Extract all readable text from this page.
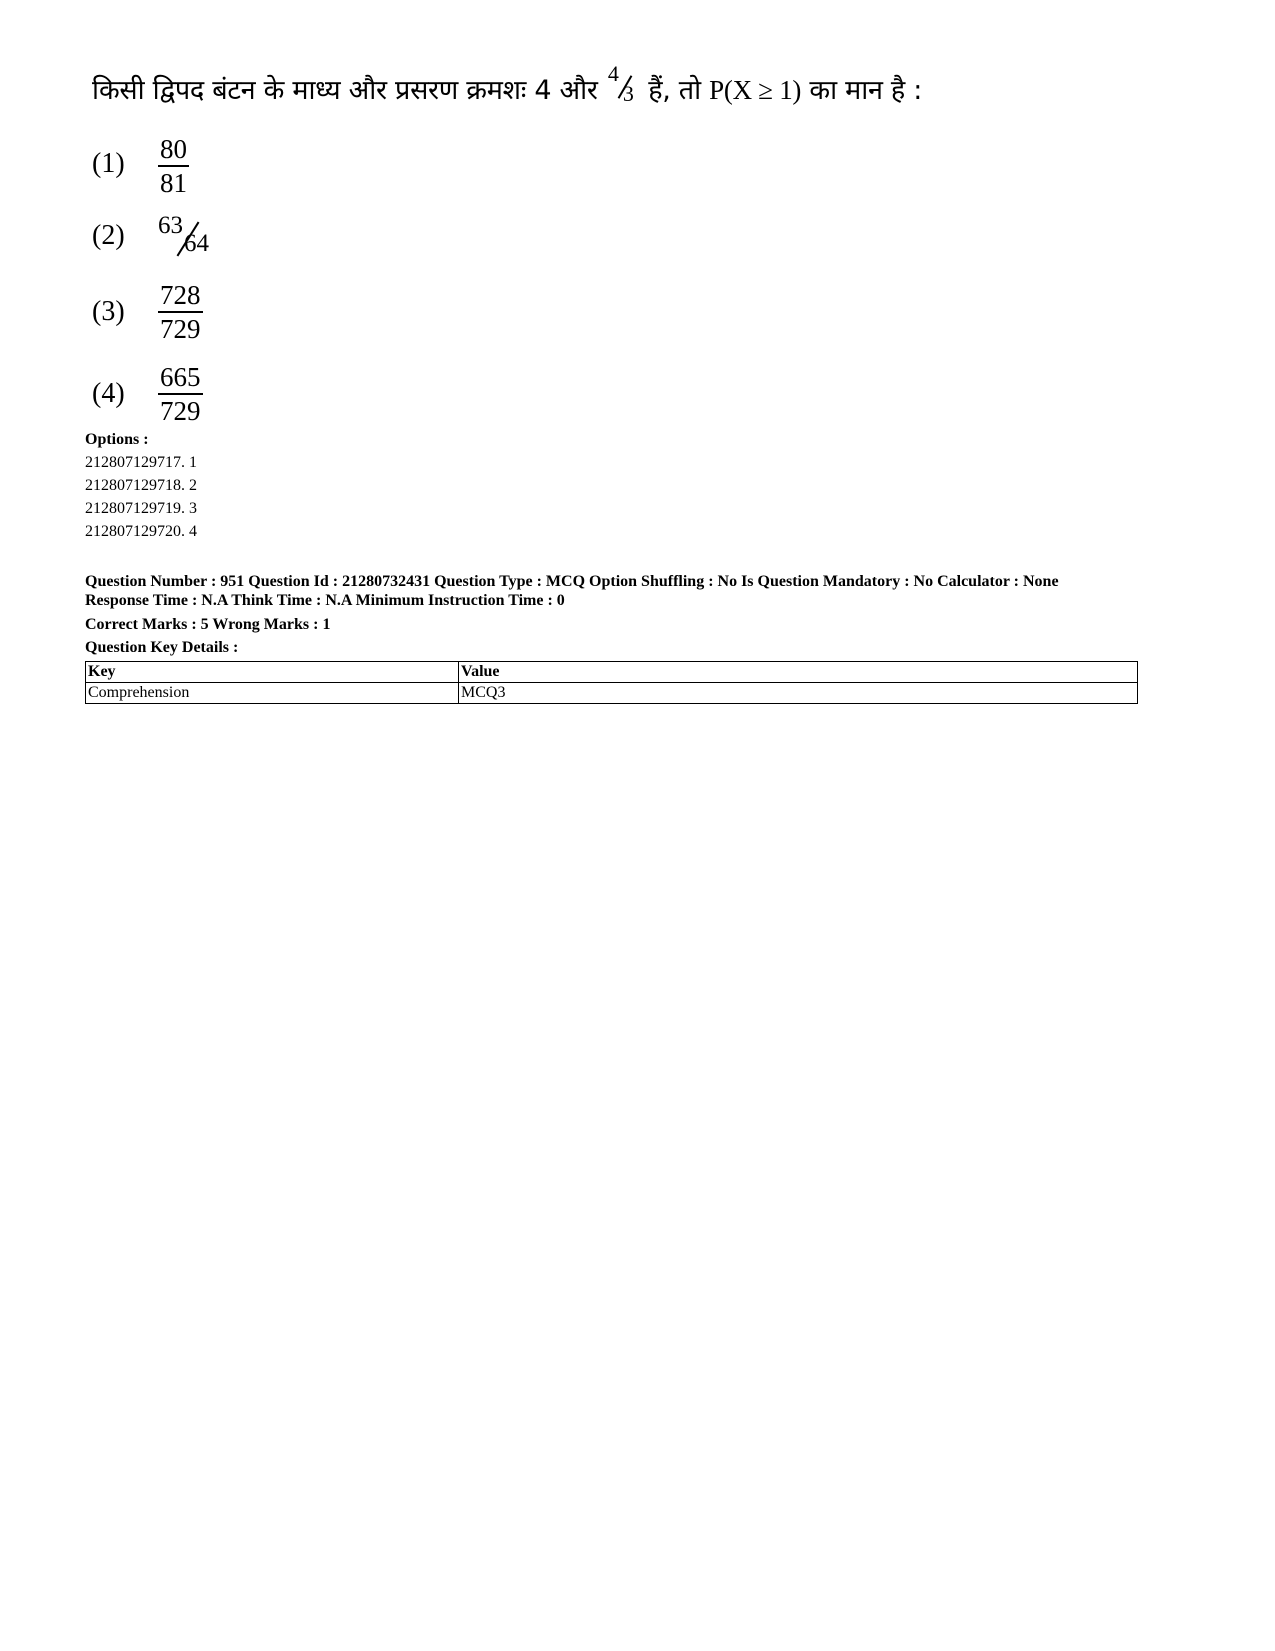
किसी द्विपद बंटन के माध्य और प्रसरण क्रमशः 4 और
4
3 हैं, तो P(X ≥ 1) का मान है :
(1)	$\frac{80}{81}$
(2)	63
64
(3)	$\frac{728}{729}$
(4)	$\frac{665}{729}$
Options :
212807129717. 1
212807129718. 2
212807129719. 3
212807129720. 4
Question Number : 951 Question Id : 21280732431 Question Type : MCQ Option Shuffling : No Is Question Mandatory : No Calculator : None
Response Time : N.A Think Time : N.A Minimum Instruction Time : 0
Correct Marks : 5 Wrong Marks : 1
Question Key Details :
Key	Value
Comprehension	MCQ3
